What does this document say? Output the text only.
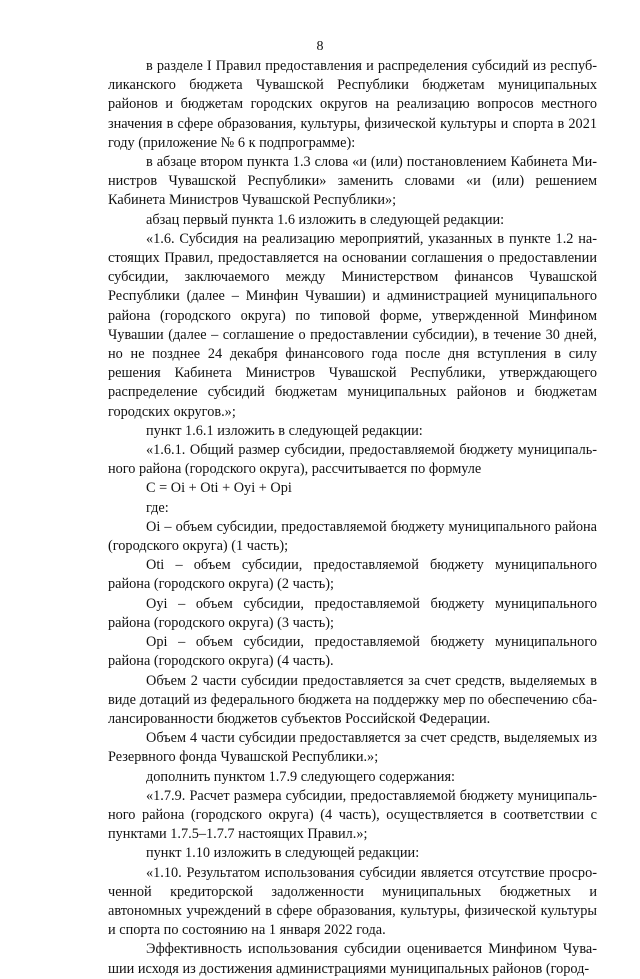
8

в разделе I Правил предоставления и распределения субсидий из республиканского бюджета Чувашской Республики бюджетам муниципальных районов и бюджетам городских округов на реализацию вопросов местного значения в сфере образования, культуры, физической культуры и спорта в 2021 году (приложение № 6 к подпрограмме):

в абзаце втором пункта 1.3 слова «и (или) постановлением Кабинета Министров Чувашской Республики» заменить словами «и (или) решением Кабинета Министров Чувашской Республики»;

абзац первый пункта 1.6 изложить в следующей редакции:

«1.6. Субсидия на реализацию мероприятий, указанных в пункте 1.2 настоящих Правил, предоставляется на основании соглашения о предоставлении субсидии, заключаемого между Министерством финансов Чувашской Республики (далее – Минфин Чувашии) и администрацией муниципального района (городского округа) по типовой форме, утвержденной Минфином Чувашии (далее – соглашение о предоставлении субсидии), в течение 30 дней, но не позднее 24 декабря финансового года после дня вступления в силу решения Кабинета Министров Чувашской Республики, утверждающего распределение субсидий бюджетам муниципальных районов и бюджетам городских округов.»;

пункт 1.6.1 изложить в следующей редакции:

«1.6.1. Общий размер субсидии, предоставляемой бюджету муниципального района (городского округа), рассчитывается по формуле

C = Oi + Oti + Oyi + Opi

где:

Oi – объем субсидии, предоставляемой бюджету муниципального района (городского округа) (1 часть);

Oti – объем субсидии, предоставляемой бюджету муниципального района (городского округа) (2 часть);

Oyi – объем субсидии, предоставляемой бюджету муниципального района (городского округа) (3 часть);

Opi – объем субсидии, предоставляемой бюджету муниципального района (городского округа) (4 часть).

Объем 2 части субсидии предоставляется за счет средств, выделяемых в виде дотаций из федерального бюджета на поддержку мер по обеспечению сбалансированности бюджетов субъектов Российской Федерации.

Объем 4 части субсидии предоставляется за счет средств, выделяемых из Резервного фонда Чувашской Республики.»;

дополнить пунктом 1.7.9 следующего содержания:

«1.7.9. Расчет размера субсидии, предоставляемой бюджету муниципального района (городского округа) (4 часть), осуществляется в соответствии с пунктами 1.7.5–1.7.7 настоящих Правил.»;

пункт 1.10 изложить в следующей редакции:

«1.10. Результатом использования субсидии является отсутствие просроченной кредиторской задолженности муниципальных бюджетных и автономных учреждений в сфере образования, культуры, физической культуры и спорта по состоянию на 1 января 2022 года.

Эффективность использования субсидии оценивается Минфином Чувашии исходя из достижения администрациями муниципальных районов (город-
